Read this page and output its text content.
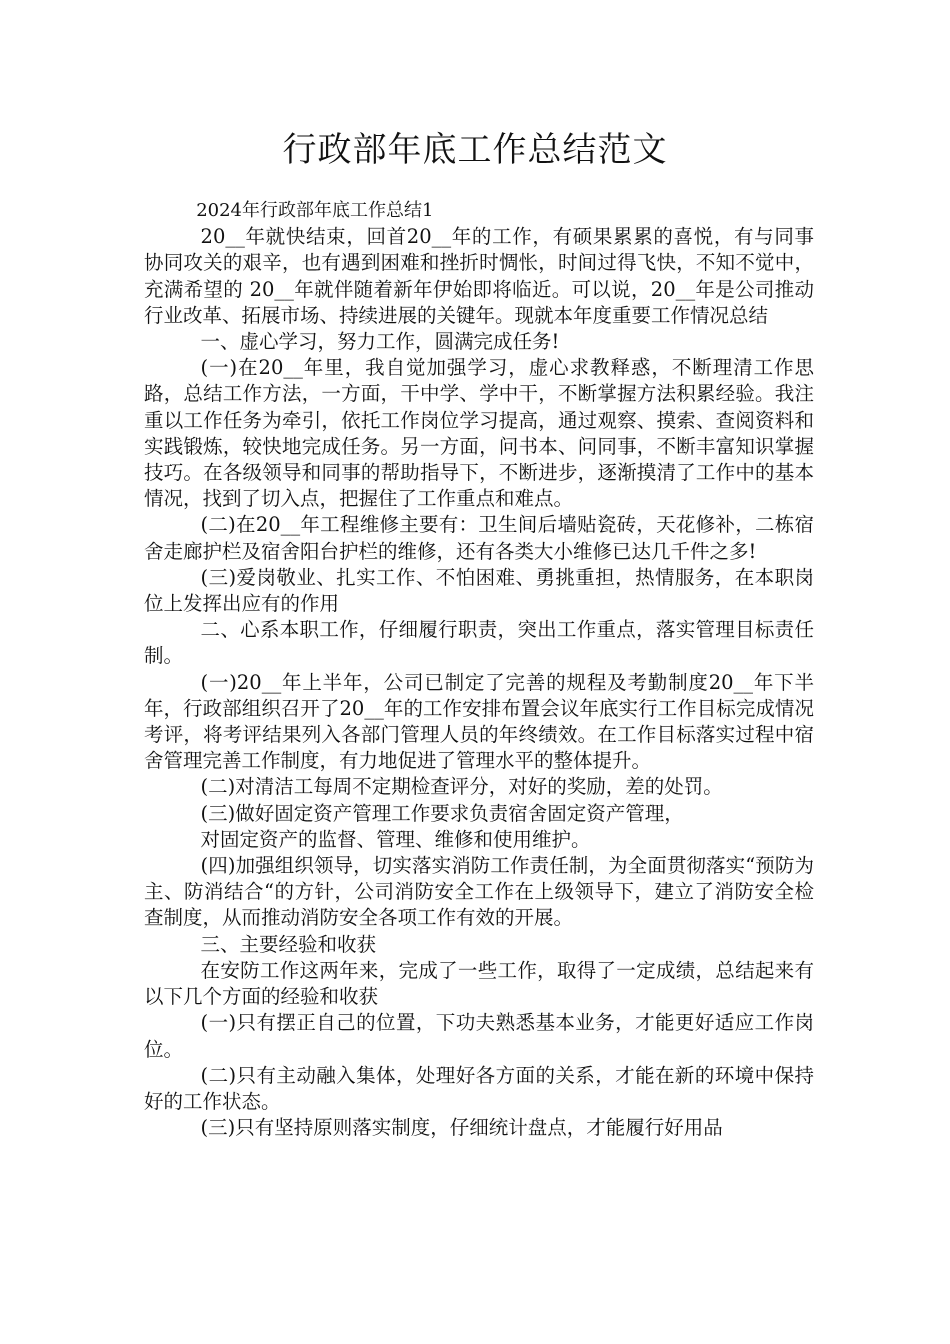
行政部年底工作总结范文

2024年行政部年底工作总结1

20__年就快结束，回首20__年的工作，有硕果累累的喜悦，有与同事协同攻关的艰辛，也有遇到困难和挫折时惆怅，时间过得飞快，不知不觉中，充满希望的 20__年就伴随着新年伊始即将临近。可以说，20__年是公司推动行业改革、拓展市场、持续进展的关键年。现就本年度重要工作情况总结

一、虚心学习，努力工作，圆满完成任务!

(一)在20__年里，我自觉加强学习，虚心求教释惑，不断理清工作思路，总结工作方法，一方面，干中学、学中干，不断掌握方法积累经验。我注重以工作任务为牵引，依托工作岗位学习提高，通过观察、摸索、查阅资料和实践锻炼，较快地完成任务。另一方面，问书本、问同事，不断丰富知识掌握技巧。在各级领导和同事的帮助指导下，不断进步，逐渐摸清了工作中的基本情况，找到了切入点，把握住了工作重点和难点。

(二)在20__年工程维修主要有：卫生间后墙贴瓷砖，天花修补，二栋宿舍走廊护栏及宿舍阳台护栏的维修，还有各类大小维修已达几千件之多!

(三)爱岗敬业、扎实工作、不怕困难、勇挑重担，热情服务，在本职岗位上发挥出应有的作用

二、心系本职工作，仔细履行职责，突出工作重点，落实管理目标责任制。

(一)20__年上半年，公司已制定了完善的规程及考勤制度20__年下半年，行政部组织召开了20__年的工作安排布置会议年底实行工作目标完成情况考评，将考评结果列入各部门管理人员的年终绩效。在工作目标落实过程中宿舍管理完善工作制度，有力地促进了管理水平的整体提升。

(二)对清洁工每周不定期检查评分，对好的奖励，差的处罚。

(三)做好固定资产管理工作要求负责宿舍固定资产管理，

对固定资产的监督、管理、维修和使用维护。

(四)加强组织领导，切实落实消防工作责任制，为全面贯彻落实“预防为主、防消结合“的方针，公司消防安全工作在上级领导下，建立了消防安全检查制度，从而推动消防安全各项工作有效的开展。

三、主要经验和收获

在安防工作这两年来，完成了一些工作，取得了一定成绩，总结起来有以下几个方面的经验和收获

(一)只有摆正自己的位置，下功夫熟悉基本业务，才能更好适应工作岗位。

(二)只有主动融入集体，处理好各方面的关系，才能在新的环境中保持好的工作状态。

(三)只有坚持原则落实制度，仔细统计盘点，才能履行好用品
